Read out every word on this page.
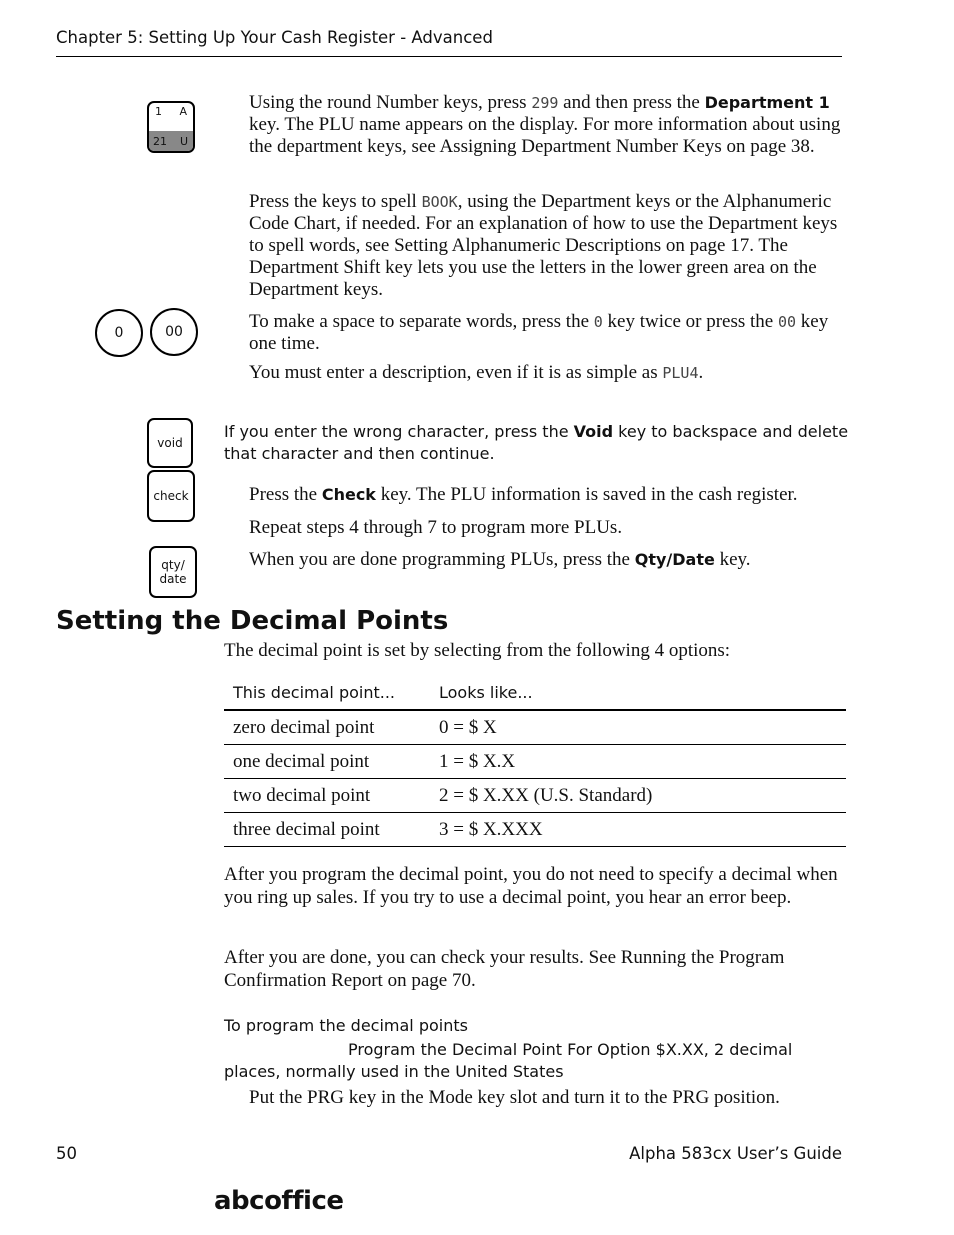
Chapter 5: Setting Up Your Cash Register - Advanced
1 A
21 U
Using the round Number keys, press 299 and then press the Department 1 key. The PLU name appears on the display. For more information about using the department keys, see Assigning Department Number Keys on page 38.
Press the keys to spell BOOK, using the Department keys or the Alphanumeric Code Chart, if needed. For an explanation of how to use the Department keys to spell words, see Setting Alphanumeric Descriptions on page 17. The Department Shift key lets you use the letters in the lower green area on the Department keys.
0	00	To make a space to separate words, press the 0 key twice or press the 00 key one time.
You must enter a description, even if it is as simple as PLU4.
void
If you enter the wrong character, press the Void key to backspace and delete that character and then continue.
check	Press the Check key. The PLU information is saved in the cash register.
Repeat steps 4 through 7 to program more PLUs.
qty/
date
When you are done programming PLUs, press the Qty/Date key.
Setting the Decimal Points
The decimal point is set by selecting from the following 4 options:
This decimal point...	Looks like...
zero decimal point	0 = $ X
one decimal point	1 = $ X.X
two decimal point	2 = $ X.XX (U.S. Standard)
three decimal point	3 = $ X.XXX
After you program the decimal point, you do not need to specify a decimal when you ring up sales. If you try to use a decimal point, you hear an error beep.
After you are done, you can check your results. See Running the Program Confirmation Report on page 70.
To program the decimal points
Program the Decimal Point For Option $X.XX, 2 decimal places, normally used in the United States
Put the PRG key in the Mode key slot and turn it to the PRG position.
50	Alpha 583cx User’s Guide
abcoffice
